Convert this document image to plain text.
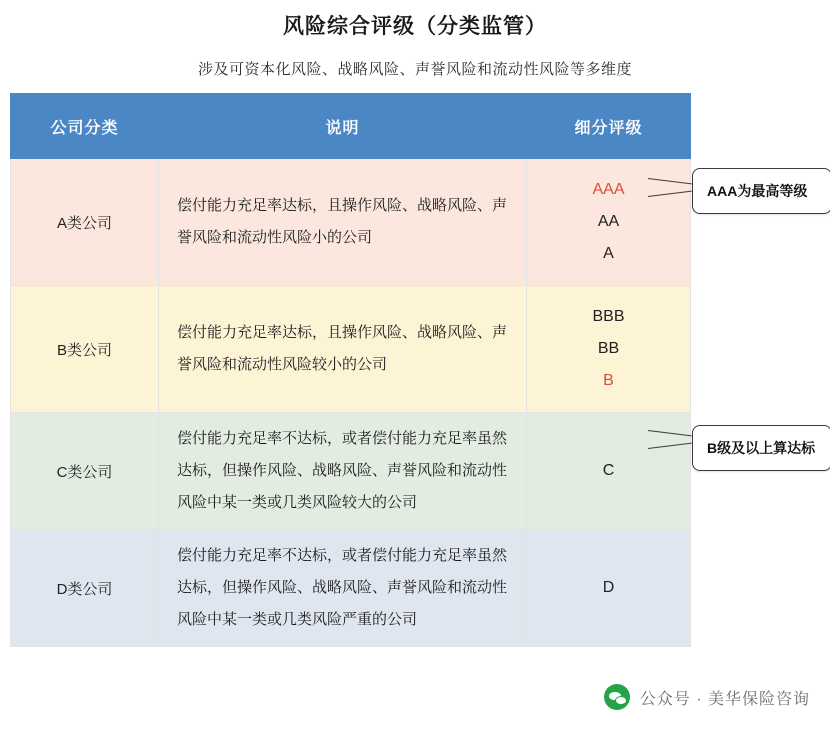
风险综合评级（分类监管）
涉及可资本化风险、战略风险、声誉风险和流动性风险等多维度
公司分类	说明	细分评级
A类公司	偿付能力充足率达标，且操作风险、战略风险、声誉风险和流动性风险小的公司	AAA
AA
A

B类公司	偿付能力充足率达标，且操作风险、战略风险、声誉风险和流动性风险较小的公司	BBB
BB
B

C类公司	偿付能力充足率不达标，或者偿付能力充足率虽然达标，但操作风险、战略风险、声誉风险和流动性风险中某一类或几类风险较大的公司	C

D类公司	偿付能力充足率不达标，或者偿付能力充足率虽然达标，但操作风险、战略风险、声誉风险和流动性风险中某一类或几类风险严重的公司	D
AAA为最高等级
B级及以上算达标
公众号 · 美华保险咨询
